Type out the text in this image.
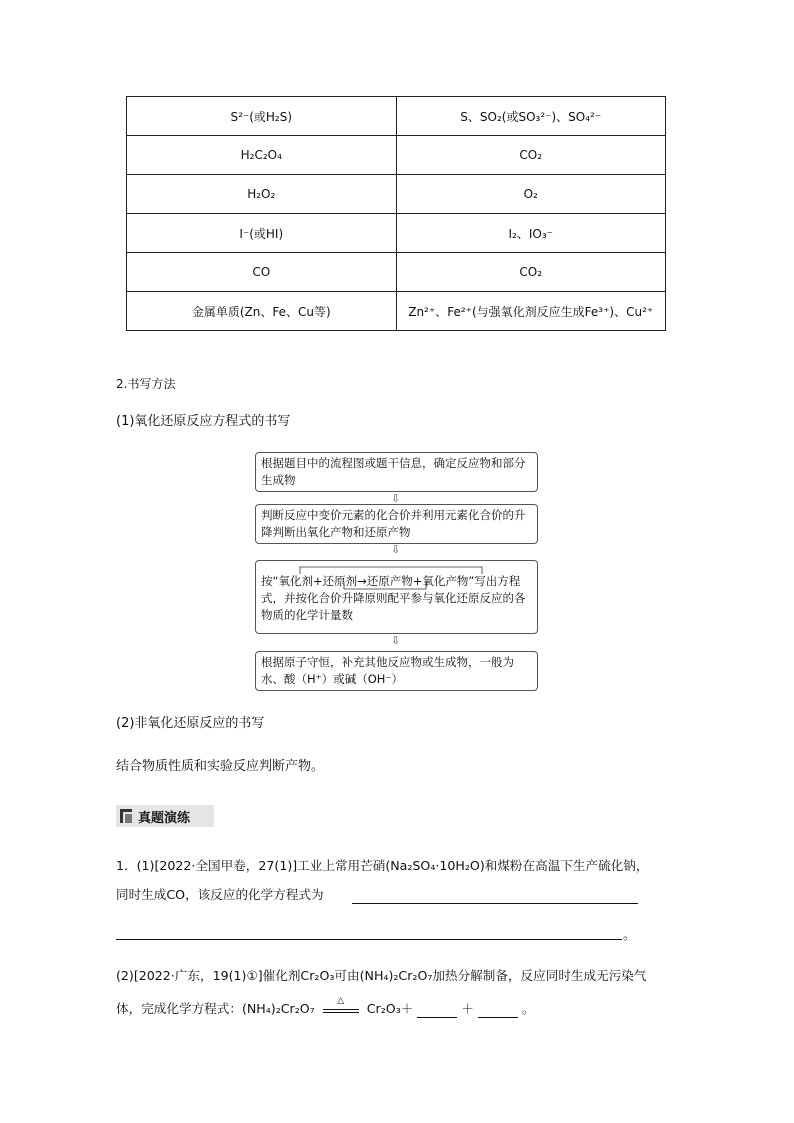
S²⁻(或H₂S)	S、SO₂(或SO₃²⁻)、SO₄²⁻
H₂C₂O₄	CO₂
H₂O₂	O₂
I⁻(或HI)	I₂、IO₃⁻
CO	CO₂
金属单质(Zn、Fe、Cu等)	Zn²⁺、Fe²⁺(与强氧化剂反应生成Fe³⁺)、Cu²⁺
2.书写方法
(1)氧化还原反应方程式的书写
根据题目中的流程图或题干信息，确定反应物和部分生成物
⇩
判断反应中变价元素的化合价并利用元素化合价的升降判断出氧化产物和还原产物
⇩
按“氧化剂+还原剂→还原产物+氧化产物”写出方程式，并按化合价升降原则配平参与氧化还原反应的各物质的化学计量数
⇩
根据原子守恒，补充其他反应物或生成物，一般为水、酸（H⁺）或碱（OH⁻）
(2)非氧化还原反应的书写
结合物质性质和实验反应判断产物。
真题演练
1．(1)[2022·全国甲卷，27(1)]工业上常用芒硝(Na₂SO₄·10H₂O)和煤粉在高温下生产硫化钠，
同时生成CO，该反应的化学方程式为
。
(2)[2022·广东，19(1)①]催化剂Cr₂O₃可由(NH₄)₂Cr₂O₇加热分解制备，反应同时生成无污染气
体，完成化学方程式：(NH₄)₂Cr₂O₇	△	Cr₂O₃＋	＋	。
